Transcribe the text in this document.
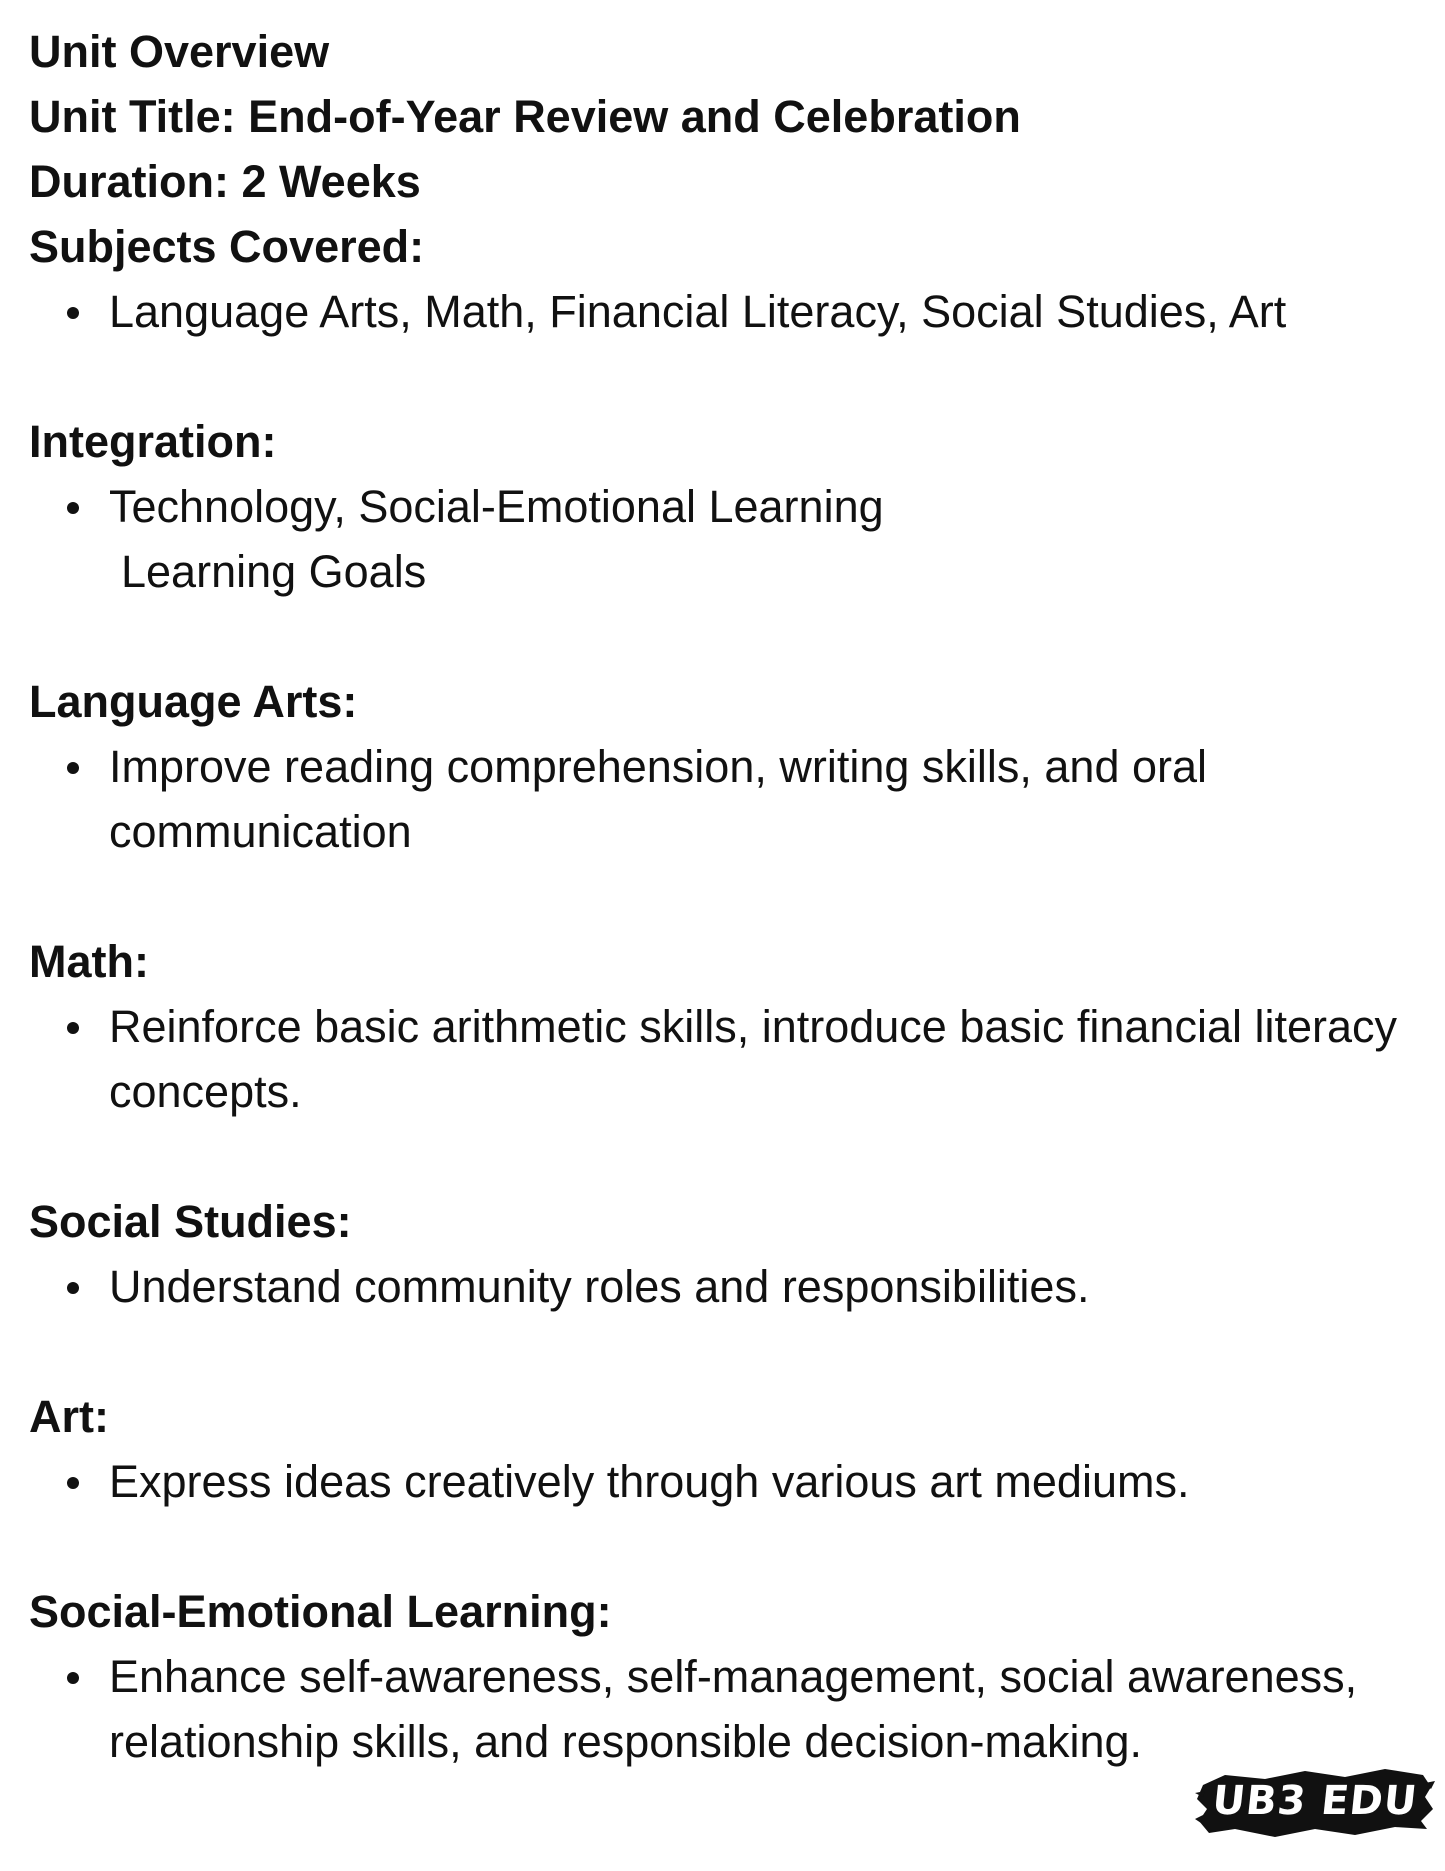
Unit Overview
Unit Title: End-of-Year Review and Celebration
Duration: 2 Weeks
Subjects Covered:
Language Arts, Math, Financial Literacy, Social Studies, Art
Integration:
Technology, Social-Emotional Learning
Learning Goals
Language Arts:
Improve reading comprehension, writing skills, and oral communication
Math:
Reinforce basic arithmetic skills, introduce basic financial literacy concepts.
Social Studies:
Understand community roles and responsibilities.
Art:
Express ideas creatively through various art mediums.
Social-Emotional Learning:
Enhance self-awareness, self-management, social awareness, relationship skills, and responsible decision-making.
UB3 EDU
